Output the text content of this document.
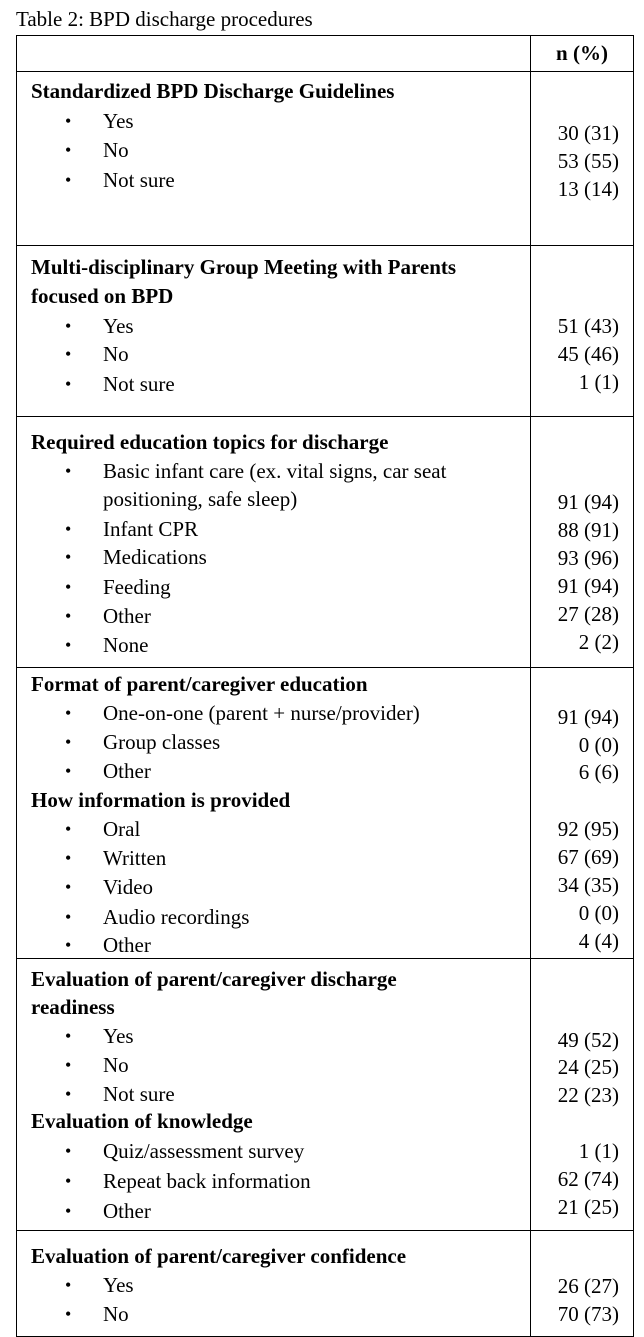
Table 2: BPD discharge procedures
n (%)
Standardized BPD Discharge Guidelines
• Yes
• No
• Not sure
30 (31)
53 (55)
13 (14)
Multi-disciplinary Group Meeting with Parents
focused on BPD
• Yes
• No
• Not sure
51 (43)
45 (46)
1 (1)
Required education topics for discharge
• Basic infant care (ex. vital signs, car seat
positioning, safe sleep)
• Infant CPR
• Medications
• Feeding
• Other
• None
91 (94)
88 (91)
93 (96)
91 (94)
27 (28)
2 (2)
Format of parent/caregiver education
How information is provided
• One-on-one (parent + nurse/provider)
• Group classes
• Other
• Oral
• Written
• Video
• Audio recordings
• Other
91 (94)
0 (0)
6 (6)
92 (95)
67 (69)
34 (35)
0 (0)
4 (4)
Evaluation of parent/caregiver discharge
readiness
Evaluation of knowledge
• Yes
• No
• Not sure
• Quiz/assessment survey
• Repeat back information
• Other
49 (52)
24 (25)
22 (23)
1 (1)
62 (74)
21 (25)
Evaluation of parent/caregiver confidence
• Yes
• No
26 (27)
70 (73)
